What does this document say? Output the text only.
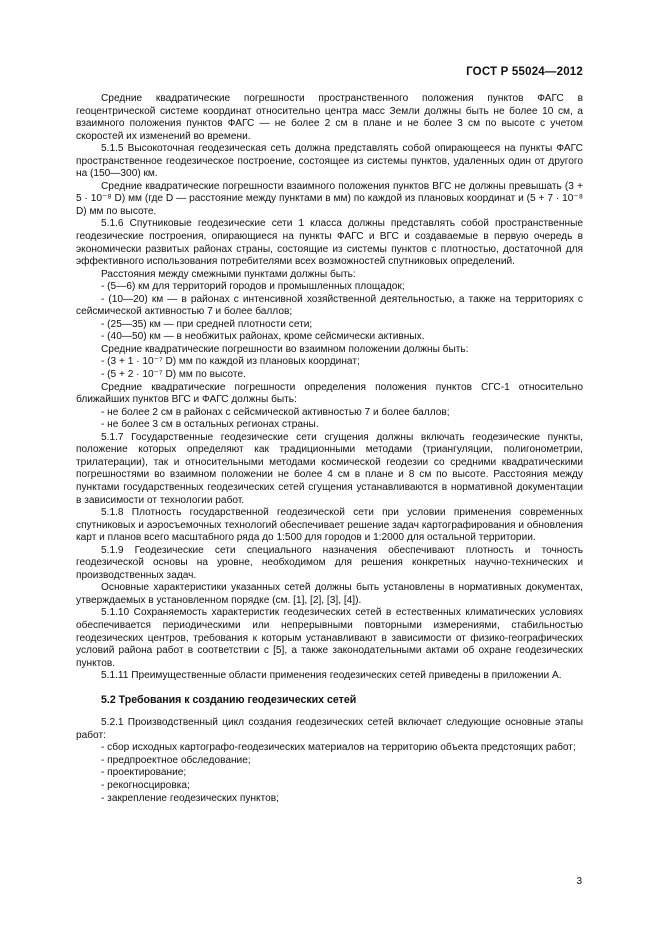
ГОСТ Р 55024—2012

Средние квадратические погрешности пространственного положения пунктов ФАГС в геоцентрической системе координат относительно центра масс Земли должны быть не более 10 см, а взаимного положения пунктов ФАГС — не более 2 см в плане и не более 3 см по высоте с учетом скоростей их изменений во времени.

5.1.5 Высокоточная геодезическая сеть должна представлять собой опирающееся на пункты ФАГС пространственное геодезическое построение, состоящее из системы пунктов, удаленных один от другого на (150—300) км.

Средние квадратические погрешности взаимного положения пунктов ВГС не должны превышать (3 + 5 · 10⁻⁸ D) мм (где D — расстояние между пунктами в мм) по каждой из плановых координат и (5 + 7 · 10⁻⁸ D) мм по высоте.

5.1.6 Спутниковые геодезические сети 1 класса должны представлять собой пространственные геодезические построения, опирающиеся на пункты ФАГС и ВГС и создаваемые в первую очередь в экономически развитых районах страны, состоящие из системы пунктов с плотностью, достаточной для эффективного использования потребителями всех возможностей спутниковых определений.

Расстояния между смежными пунктами должны быть:

- (5—6) км для территорий городов и промышленных площадок;

- (10—20) км — в районах с интенсивной хозяйственной деятельностью, а также на территориях с сейсмической активностью 7 и более баллов;

- (25—35) км — при средней плотности сети;

- (40—50) км — в необжитых районах, кроме сейсмически активных.

Средние квадратические погрешности во взаимном положении должны быть:

- (3 + 1 · 10⁻⁷ D) мм по каждой из плановых координат;

- (5 + 2 · 10⁻⁷ D) мм по высоте.

Средние квадратические погрешности определения положения пунктов СГС-1 относительно ближайших пунктов ВГС и ФАГС должны быть:

- не более 2 см в районах с сейсмической активностью 7 и более баллов;

- не более 3 см в остальных регионах страны.

5.1.7 Государственные геодезические сети сгущения должны включать геодезические пункты, положение которых определяют как традиционными методами (триангуляции, полигонометрии, трилатерации), так и относительными методами космической геодезии со средними квадратическими погрешностями во взаимном положении не более 4 см в плане и 8 см по высоте. Расстояния между пунктами государственных геодезических сетей сгущения устанавливаются в нормативной документации в зависимости от технологии работ.

5.1.8 Плотность государственной геодезической сети при условии применения современных спутниковых и аэросъемочных технологий обеспечивает решение задач картографирования и обновления карт и планов всего масштабного ряда до 1:500 для городов и 1:2000 для остальной территории.

5.1.9 Геодезические сети специального назначения обеспечивают плотность и точность геодезической основы на уровне, необходимом для решения конкретных научно-технических и производственных задач.

Основные характеристики указанных сетей должны быть установлены в нормативных документах, утверждаемых в установленном порядке (см. [1], [2], [3], [4]).

5.1.10 Сохраняемость характеристик геодезических сетей в естественных климатических условиях обеспечивается периодическими или непрерывными повторными измерениями, стабильностью геодезических центров, требования к которым устанавливают в зависимости от физико-географических условий района работ в соответствии с [5], а также законодательными актами об охране геодезических пунктов.

5.1.11 Преимущественные области применения геодезических сетей приведены в приложении А.

5.2 Требования к созданию геодезических сетей

5.2.1 Производственный цикл создания геодезических сетей включает следующие основные этапы работ:

- сбор исходных картографо-геодезических материалов на территорию объекта предстоящих работ;

- предпроектное обследование;

- проектирование;

- рекогносцировка;

- закрепление геодезических пунктов;

3
